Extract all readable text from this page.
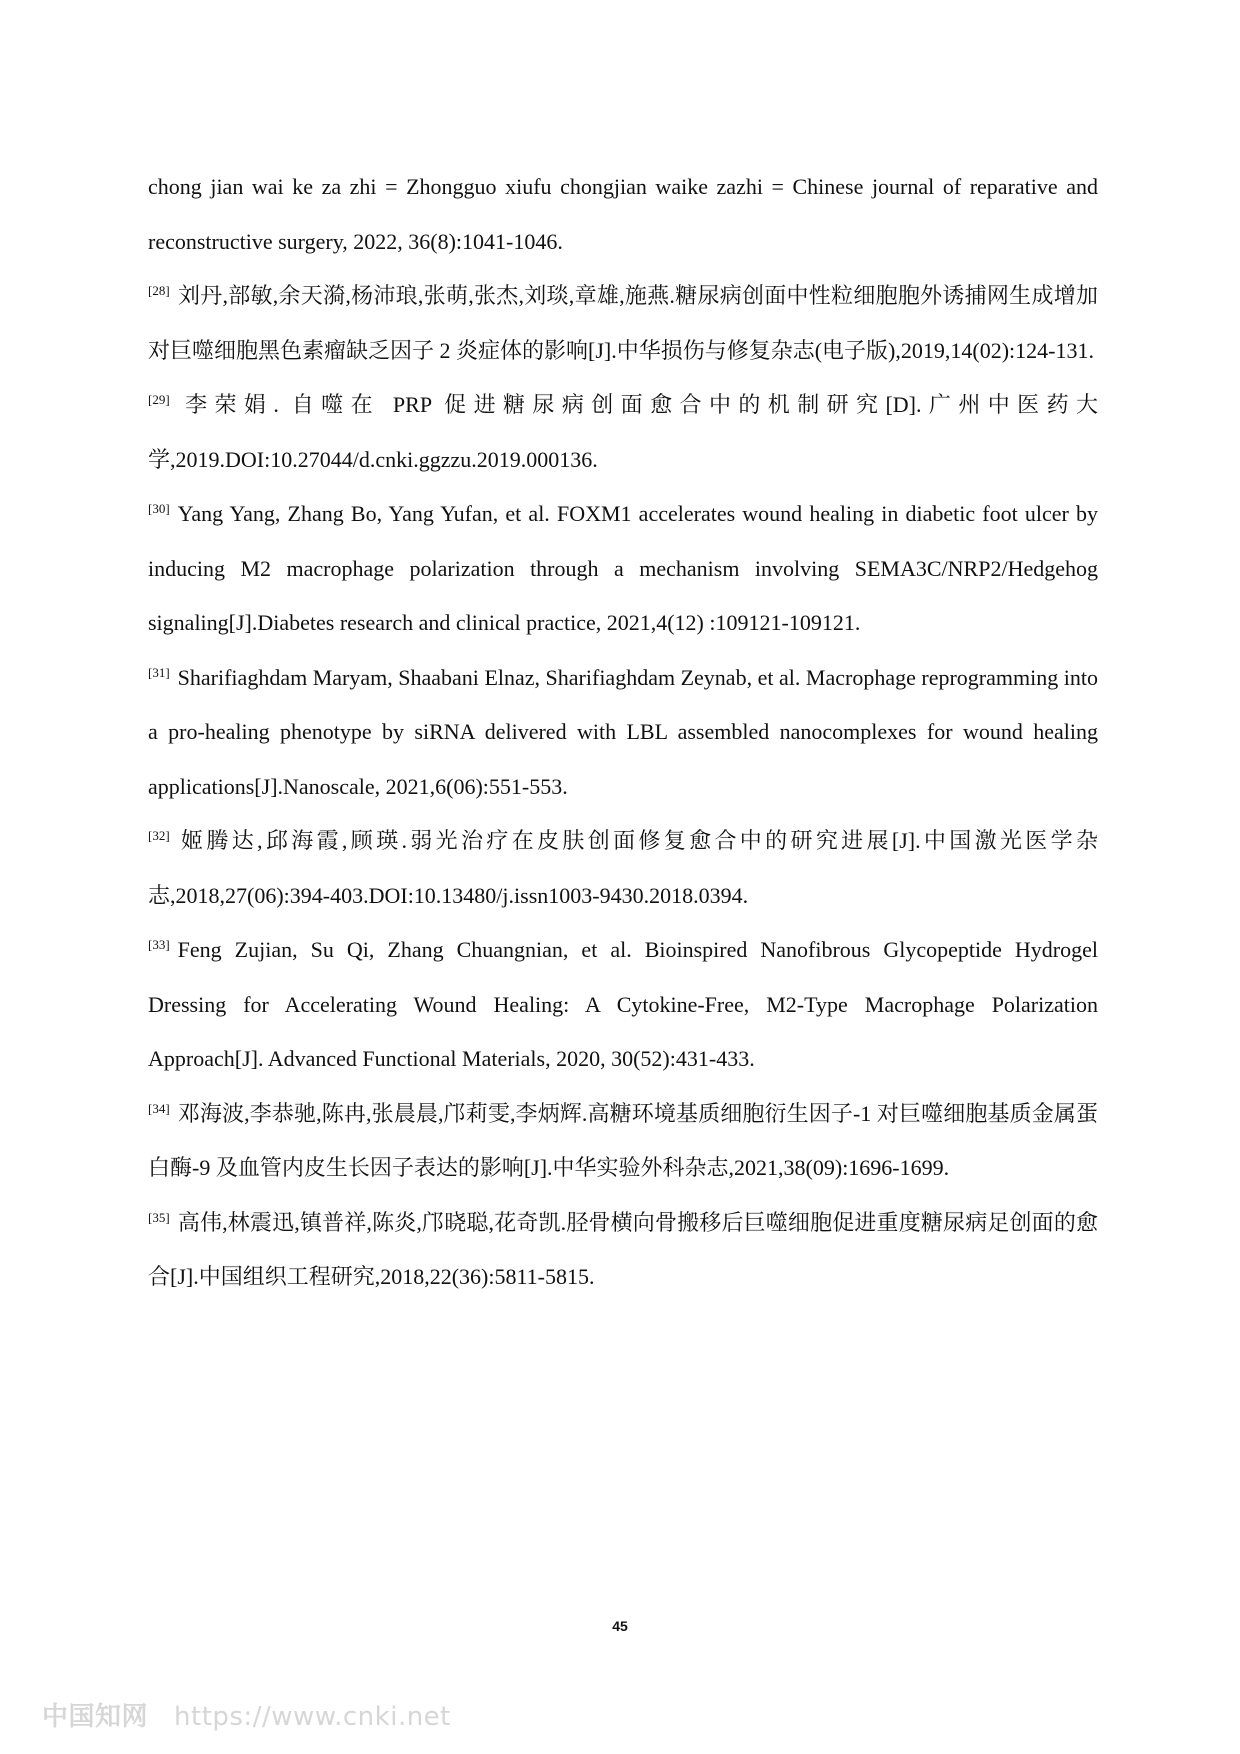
chong jian wai ke za zhi = Zhongguo xiufu chongjian waike zazhi = Chinese journal of reparative and reconstructive surgery, 2022, 36(8):1041-1046.

[28] 刘丹,部敏,余天漪,杨沛琅,张萌,张杰,刘琰,章雄,施燕.糖尿病创面中性粒细胞胞外诱捕网生成增加对巨噬细胞黑色素瘤缺乏因子 2 炎症体的影响[J].中华损伤与修复杂志(电子版),2019,14(02):124-131.

[29] 李荣娟. 自噬在 PRP 促进糖尿病创面愈合中的机制研究[D].广州中医药大学,2019.DOI:10.27044/d.cnki.ggzzu.2019.000136.

[30] Yang Yang, Zhang Bo, Yang Yufan, et al. FOXM1 accelerates wound healing in diabetic foot ulcer by inducing M2 macrophage polarization through a mechanism involving SEMA3C/NRP2/Hedgehog signaling[J].Diabetes research and clinical practice, 2021,4(12) :109121-109121.

[31] Sharifiaghdam Maryam, Shaabani Elnaz, Sharifiaghdam Zeynab, et al. Macrophage reprogramming into a pro-healing phenotype by siRNA delivered with LBL assembled nanocomplexes for wound healing applications[J].Nanoscale, 2021,6(06):551-553.

[32] 姬腾达,邱海霞,顾瑛.弱光治疗在皮肤创面修复愈合中的研究进展[J].中国激光医学杂志,2018,27(06):394-403.DOI:10.13480/j.issn1003-9430.2018.0394.

[33] Feng Zujian, Su Qi, Zhang Chuangnian, et al. Bioinspired Nanofibrous Glycopeptide Hydrogel Dressing for Accelerating Wound Healing: A Cytokine‐Free, M2‐Type Macrophage Polarization Approach[J]. Advanced Functional Materials, 2020, 30(52):431-433.

[34] 邓海波,李恭驰,陈冉,张晨晨,邝莉雯,李炳辉.高糖环境基质细胞衍生因子-1 对巨噬细胞基质金属蛋白酶-9 及血管内皮生长因子表达的影响[J].中华实验外科杂志,2021,38(09):1696-1699.

[35] 高伟,林震迅,镇普祥,陈炎,邝晓聪,花奇凯.胫骨横向骨搬移后巨噬细胞促进重度糖尿病足创面的愈合[J].中国组织工程研究,2018,22(36):5811-5815.

45
中国知网 https://www.cnki.net
